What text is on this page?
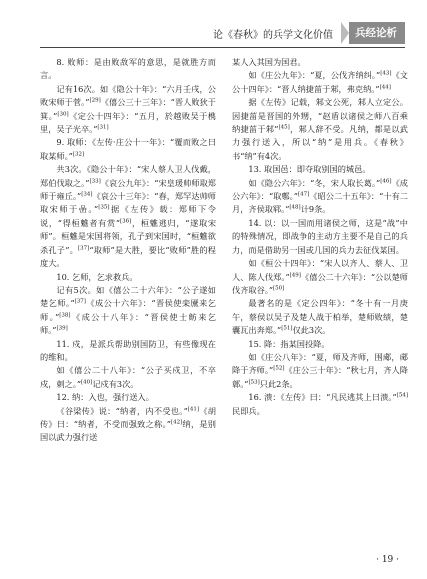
论《春秋》的兵学文化价值	兵经论析

8. 败师：是由败敌军的意思，是就胜方而言。

记有16次。如《隐公十年》：“六月壬戌，公败宋师于菅。”[29]《僖公三十三年》：“晋人败狄于箕。”[30]《定公十四年》：“五月，於越败吴于槜里，吴子光卒。”[31]

9. 取师：《左传·庄公十一年》：“覆而败之曰取某师。”[32]

共3次。《隐公十年》：“宋人蔡人卫人伐戴，郑伯伐取之。”[33]《哀公九年》：“宋皇瑗帅师取郑师于雍丘。”[34]《哀公十三年》：“春，郑罕达帅师取宋师于嵒。”[35]据《左传》载：郑师下令说，“得桓魋者有赏”[36]，桓魋逃归，“遂取宋师”。桓魋是宋国将领，孔子到宋国时，“桓魋欲杀孔子”。[37]“取师”是大胜，要比“败师”胜的程度大。

10. 乞师，乞求救兵。

记有5次。如《僖公二十六年》：“公子遂如楚乞师。”[37]《成公十六年》：“晋侯使栾黡来乞师。”[38]《成公十八年》：“晋侯使士鲂来乞师。”[39]

11. 戍，是派兵帮助别国防卫，有些像现在的维和。

如《僖公二十八年》：“公子买戍卫，不卒戍，刺之。”[40]记戍有3次。

12. 纳：入也，强行送入。

《谷梁传》说：“纳者，内不受也。”[41]《胡传》曰：“纳者，不受而强致之称。”[42]纳，是别国以武力强行送

某人入其国为国君。

如《庄公九年》：“夏，公伐齐纳纠。”[43]《文公十四年》：“晋人纳捷菑于邾，弗克纳。”[44]

据《左传》记载，邾文公死，邾人立定公。因捷菑是晋国的外甥，“赵盾以诸侯之师八百乘纳捷菑于邾”[45]，邾人辞不受。凡纳，都是以武力强行送入，所以“纳”是用兵。《春秋》书“纳”有4次。

13. 取国邑：即夺取别国的城邑。

如《隐公六年》：“冬，宋人取长葛。”[46]《成公六年》：“取鄟。”[47]《昭公二十五年》：“十有二月，齐侯取郓。”[48]计9条。

14. 以：以一国而用诸侯之师，这是“战”中的特殊情况，即战争的主动方主要不是自己的兵力，而是借助另一国或几国的兵力去征伐某国。

如《桓公十四年》：“宋人以齐人、蔡人、卫人、陈人伐郑。”[49]《僖公二十六年》：“公以楚师伐齐取谷。”[50]

最著名的是《定公四年》：“冬十有一月庚午，蔡侯以吴子及楚人战于柏举，楚师败绩，楚囊瓦出奔郑。”[51]仅此3次。

15. 降：指某国投降。

如《庄公八年》：“夏，师及齐师，围郕，郕降于齐师。”[52]《庄公三十年》：“秋七月，齐人降鄣。”[53]只此2条。

16. 溃：《左传》曰：“凡民逃其上曰溃。”[54]民即兵。

· 19 ·
